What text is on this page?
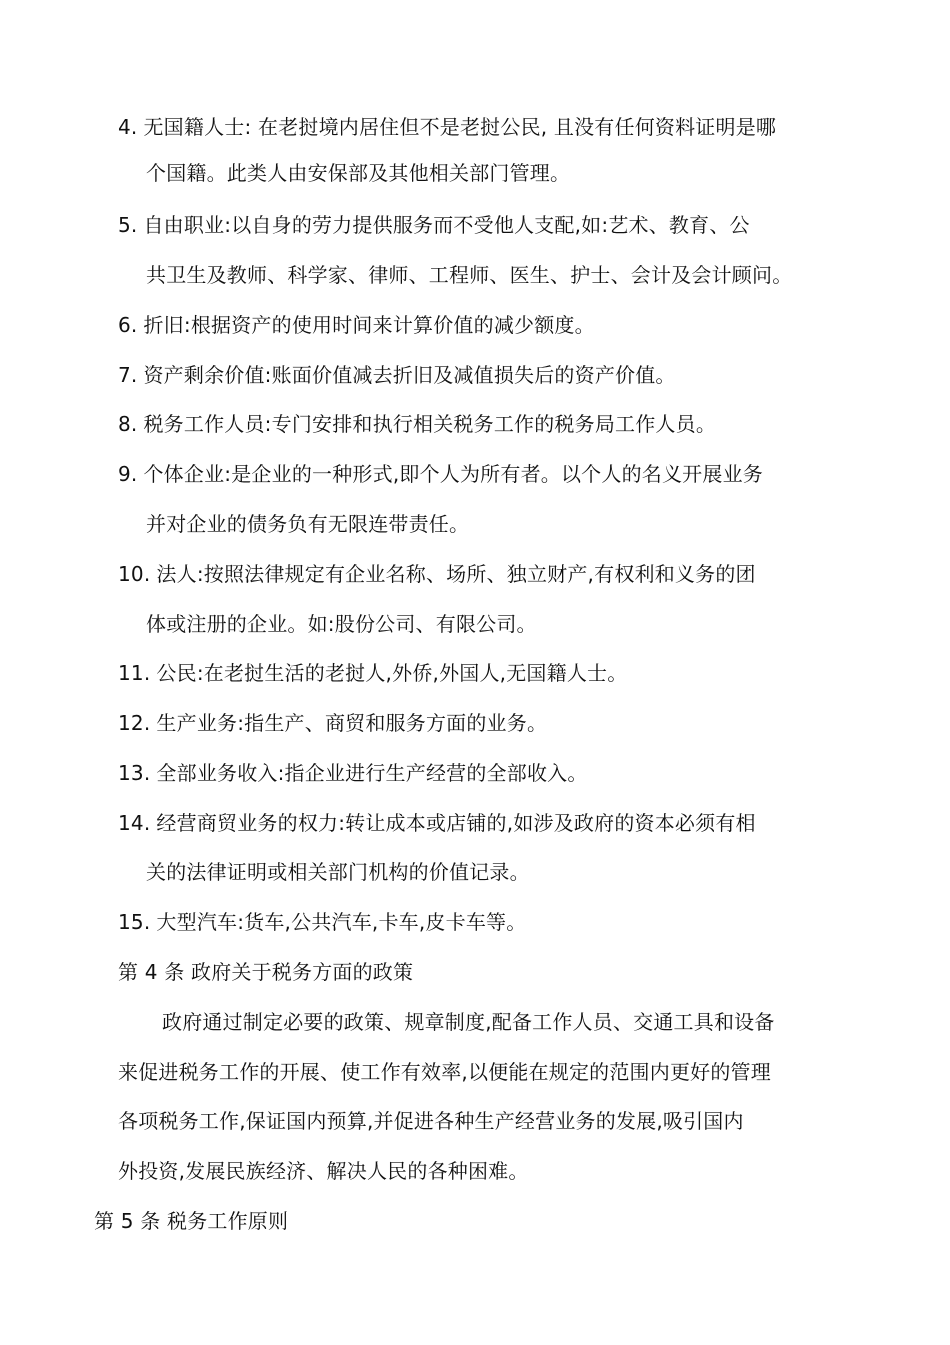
4. 无国籍人士: 在老挝境内居住但不是老挝公民, 且没有任何资料证明是哪
个国籍。此类人由安保部及其他相关部门管理。
5. 自由职业:以自身的劳力提供服务而不受他人支配,如:艺术、教育、公
共卫生及教师、科学家、律师、工程师、医生、护士、会计及会计顾问。
6. 折旧:根据资产的使用时间来计算价值的减少额度。
7. 资产剩余价值:账面价值减去折旧及减值损失后的资产价值。
8. 税务工作人员:专门安排和执行相关税务工作的税务局工作人员。
9. 个体企业:是企业的一种形式,即个人为所有者。以个人的名义开展业务
并对企业的债务负有无限连带责任。
10. 法人:按照法律规定有企业名称、场所、独立财产,有权利和义务的团
体或注册的企业。如:股份公司、有限公司。
11. 公民:在老挝生活的老挝人,外侨,外国人,无国籍人士。
12. 生产业务:指生产、商贸和服务方面的业务。
13. 全部业务收入:指企业进行生产经营的全部收入。
14. 经营商贸业务的权力:转让成本或店铺的,如涉及政府的资本必须有相
关的法律证明或相关部门机构的价值记录。
15. 大型汽车:货车,公共汽车,卡车,皮卡车等。
第 4 条 政府关于税务方面的政策
政府通过制定必要的政策、规章制度,配备工作人员、交通工具和设备
来促进税务工作的开展、使工作有效率,以便能在规定的范围内更好的管理
各项税务工作,保证国内预算,并促进各种生产经营业务的发展,吸引国内
外投资,发展民族经济、解决人民的各种困难。
第 5 条 税务工作原则
